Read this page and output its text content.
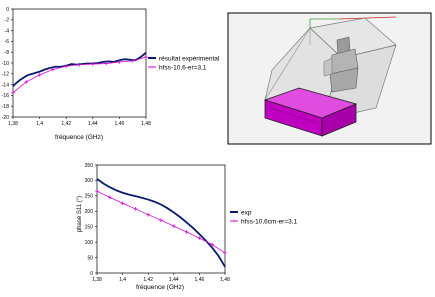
0
-2
-4
-6
-8
-10
-12
-14
-16
-18
-20
1,38	1,4	1,42	1,44	1,46	1,48
fréquence (GHz)
résultat expérimental
+ hfss-10,6-er=3,1
phase S11 (°)
0
50
100
150
200
250
300
350
1,38	1,4	1,42	1,44	1,46	1,48
fréquence (GHz)
exp
+ hfss-10,6cm-er=3,1
